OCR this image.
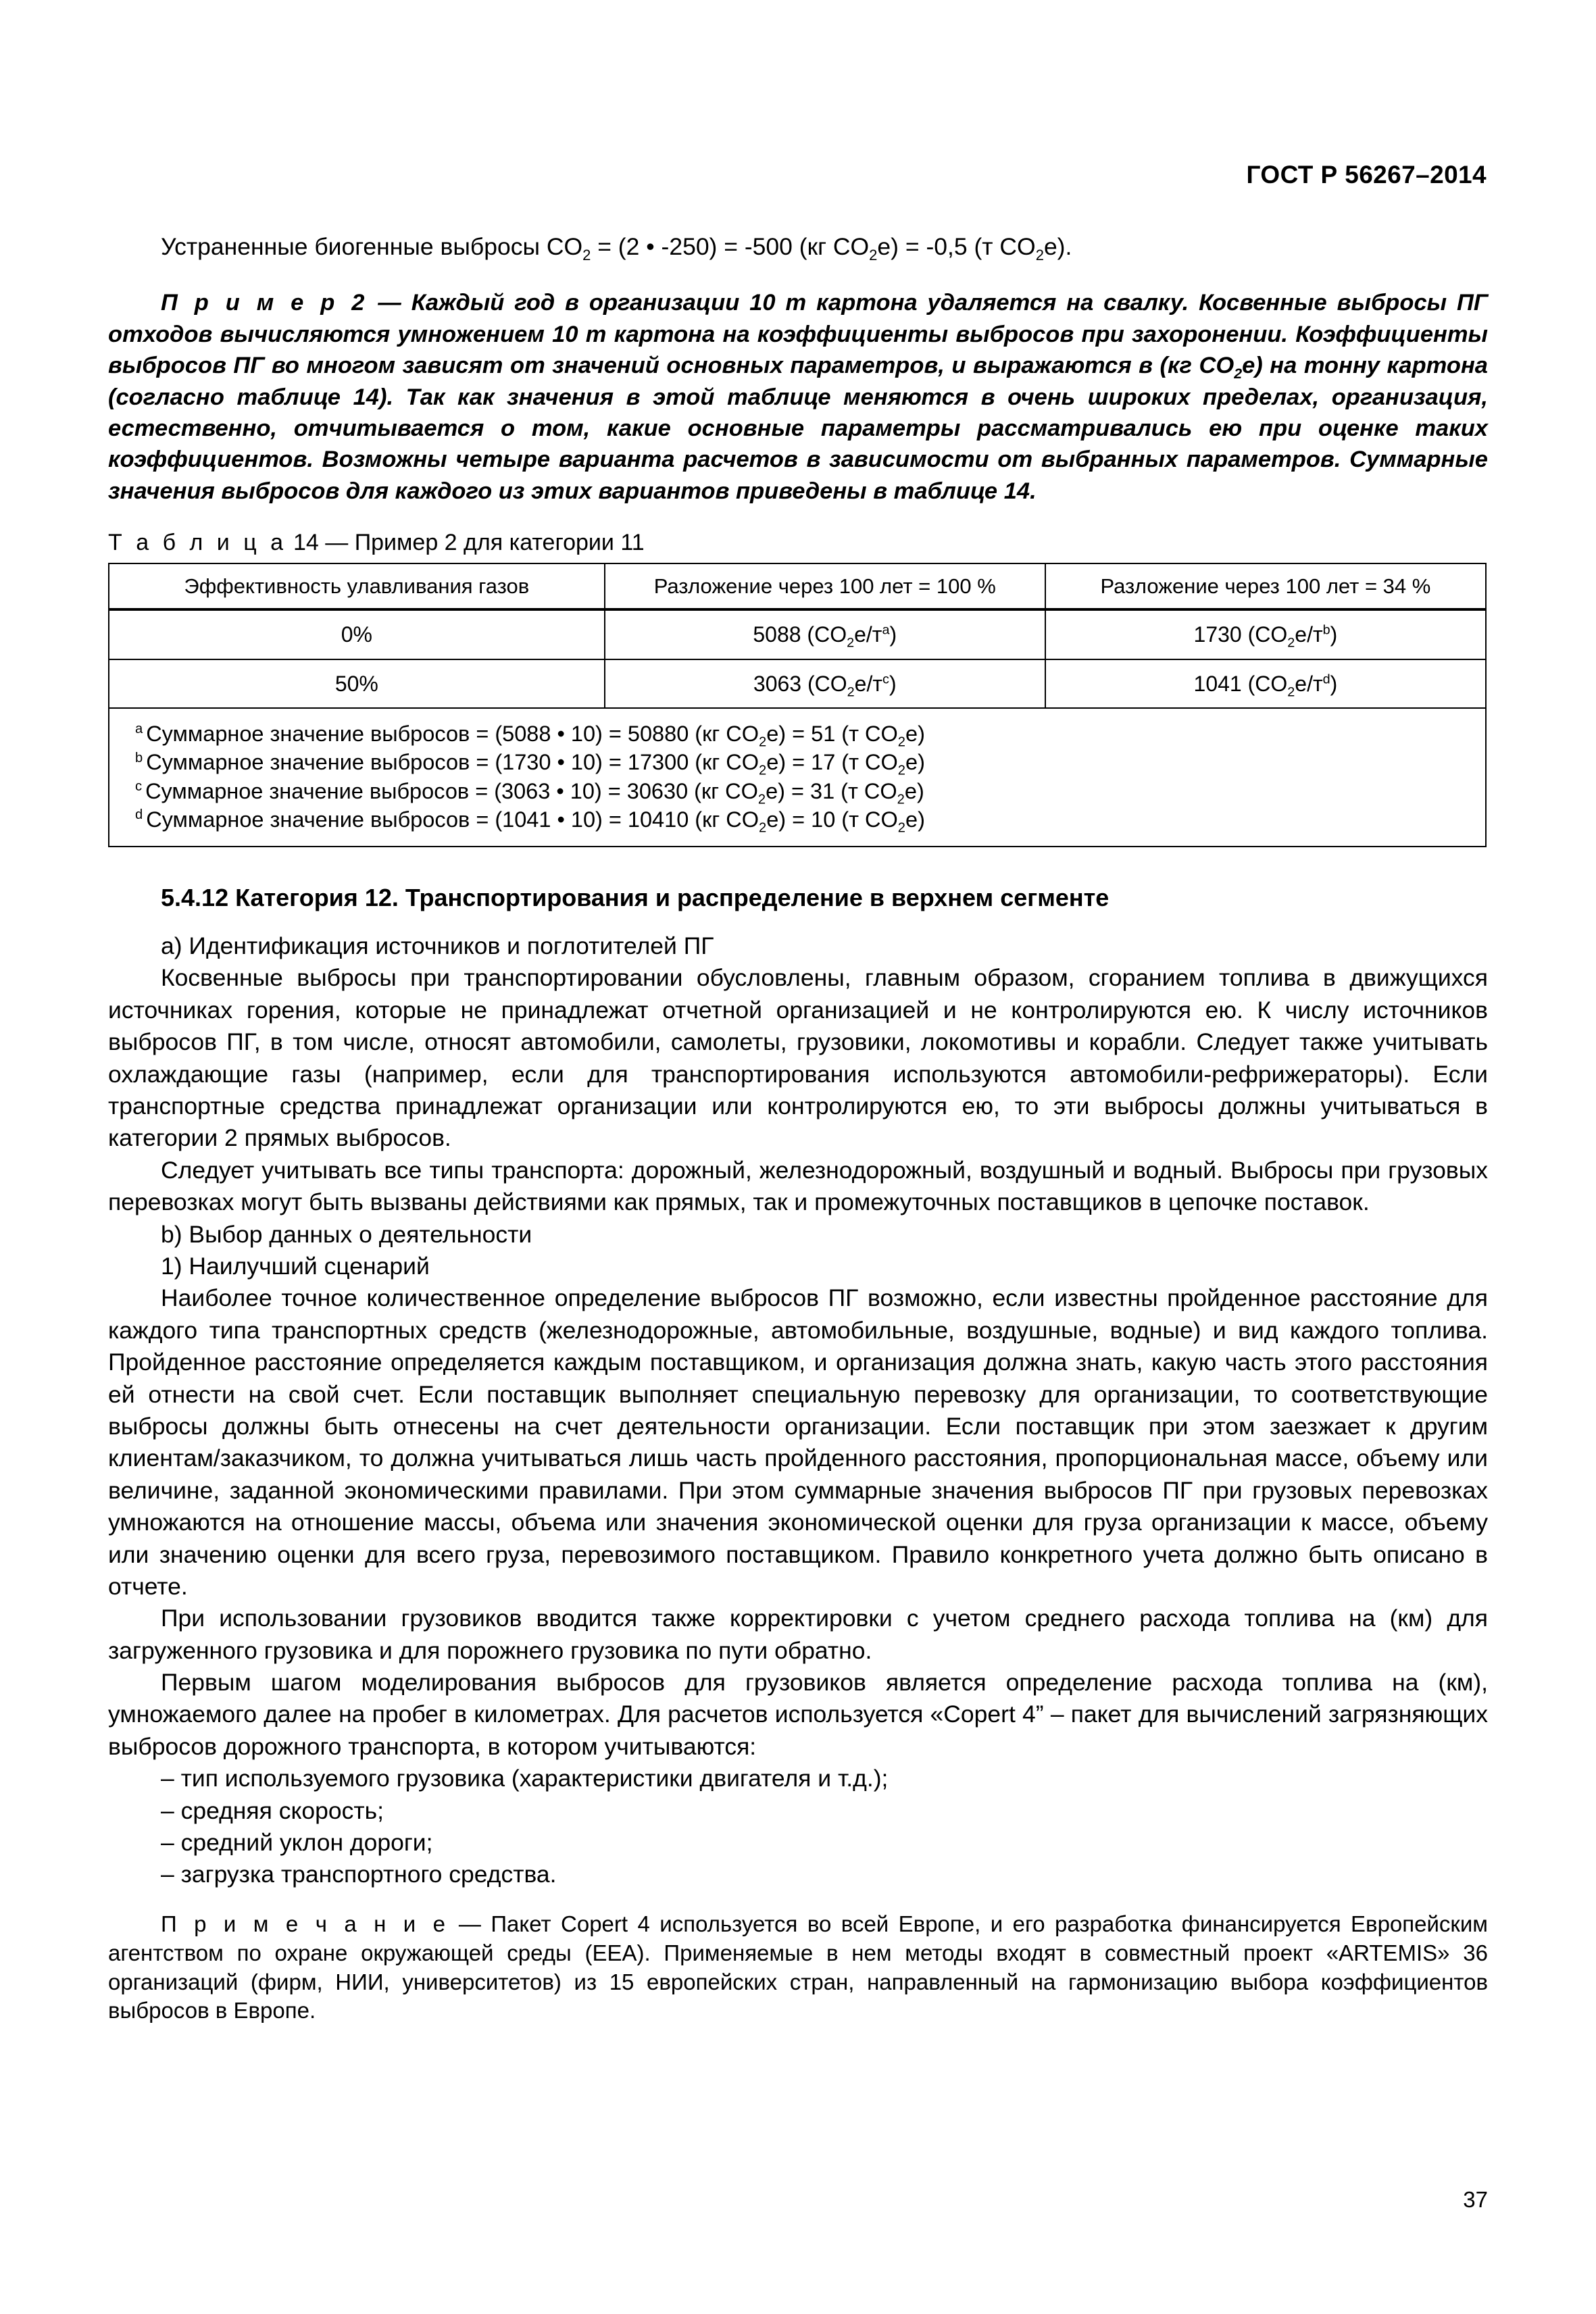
ГОСТ Р 56267–2014

Устраненные биогенные выбросы $CO_2 = (2$ • -250) = -500 (кг $CO_2e) = -0,5$ (т $CO_2e$).

П р и м е р 2 — Каждый год в организации 10 т картона удаляется на свалку. Косвенные выбросы ПГ отходов вычисляются умножением 10 т картона на коэффициенты выбросов при захоронении. Коэффициенты выбросов ПГ во многом зависят от значений основных параметров, и выражаются в (кг $CO_2e$) на тонну картона (согласно таблице 14). Так как значения в этой таблице меняются в очень широких пределах, организация, естественно, отчитывается о том, какие основные параметры рассматривались ею при оценке таких коэффициентов. Возможны четыре варианта расчетов в зависимости от выбранных параметров. Суммарные значения выбросов для каждого из этих вариантов приведены в таблице 14.
Т а б л и ц а 14 — Пример 2 для категории 11
Эффективность улавливания газов	Разложение через 100 лет = 100 %	Разложение через 100 лет = 34 %
0%	5088 $(CO_2e/т^a)$	1730 $(CO_2e/т^b)$
50%	3063 $(CO_2e/т^c)$	1041 $(CO_2e/т^d)$
$^a$ Суммарное значение выбросов = (5088 • 10) = 50880 (кг $CO_2e) = 51$ (т $CO_2e$)
$^b$ Суммарное значение выбросов = (1730 • 10) = 17300 (кг $CO_2e) = 17$ (т $CO_2e$)
$^c$ Суммарное значение выбросов = (3063 • 10) = 30630 (кг $CO_2e) = 31$ (т $CO_2e$)
$^d$ Суммарное значение выбросов = (1041 • 10) = 10410 (кг $CO_2e) = 10$ (т $CO_2e$)
5.4.12 Категория 12. Транспортирования и распределение в верхнем сегменте

a) Идентификация источников и поглотителей ПГ

Косвенные выбросы при транспортировании обусловлены, главным образом, сгоранием топлива в движущихся источниках горения, которые не принадлежат отчетной организацией и не контролируются ею. К числу источников выбросов ПГ, в том числе, относят автомобили, самолеты, грузовики, локомотивы и корабли. Следует также учитывать охлаждающие газы (например, если для транспортирования используются автомобили-рефрижераторы). Если транспортные средства принадлежат организации или контролируются ею, то эти выбросы должны учитываться в категории 2 прямых выбросов.

Следует учитывать все типы транспорта: дорожный, железнодорожный, воздушный и водный. Выбросы при грузовых перевозках могут быть вызваны действиями как прямых, так и промежуточных поставщиков в цепочке поставок.

b) Выбор данных о деятельности

1) Наилучший сценарий

Наиболее точное количественное определение выбросов ПГ возможно, если известны пройденное расстояние для каждого типа транспортных средств (железнодорожные, автомобильные, воздушные, водные) и вид каждого топлива. Пройденное расстояние определяется каждым поставщиком, и организация должна знать, какую часть этого расстояния ей отнести на свой счет. Если поставщик выполняет специальную перевозку для организации, то соответствующие выбросы должны быть отнесены на счет деятельности организации. Если поставщик при этом заезжает к другим клиентам/заказчиком, то должна учитываться лишь часть пройденного расстояния, пропорциональная массе, объему или величине, заданной экономическими правилами. При этом суммарные значения выбросов ПГ при грузовых перевозках умножаются на отношение массы, объема или значения экономической оценки для груза организации к массе, объему или значению оценки для всего груза, перевозимого поставщиком. Правило конкретного учета должно быть описано в отчете.

При использовании грузовиков вводится также корректировки с учетом среднего расхода топлива на (км) для загруженного грузовика и для порожнего грузовика по пути обратно.

Первым шагом моделирования выбросов для грузовиков является определение расхода топлива на (км), умножаемого далее на пробег в километрах. Для расчетов используется «Copert 4” – пакет для вычислений загрязняющих выбросов дорожного транспорта, в котором учитываются:

– тип используемого грузовика (характеристики двигателя и т.д.);

– средняя скорость;

– средний уклон дороги;

– загрузка транспортного средства.

П р и м е ч а н и е — Пакет Copert 4 используется во всей Европе, и его разработка финансируется Европейским агентством по охране окружающей среды (EEA). Применяемые в нем методы входят в совместный проект «ARTEMIS» 36 организаций (фирм, НИИ, университетов) из 15 европейских стран, направленный на гармонизацию выбора коэффициентов выбросов в Европе.

37
